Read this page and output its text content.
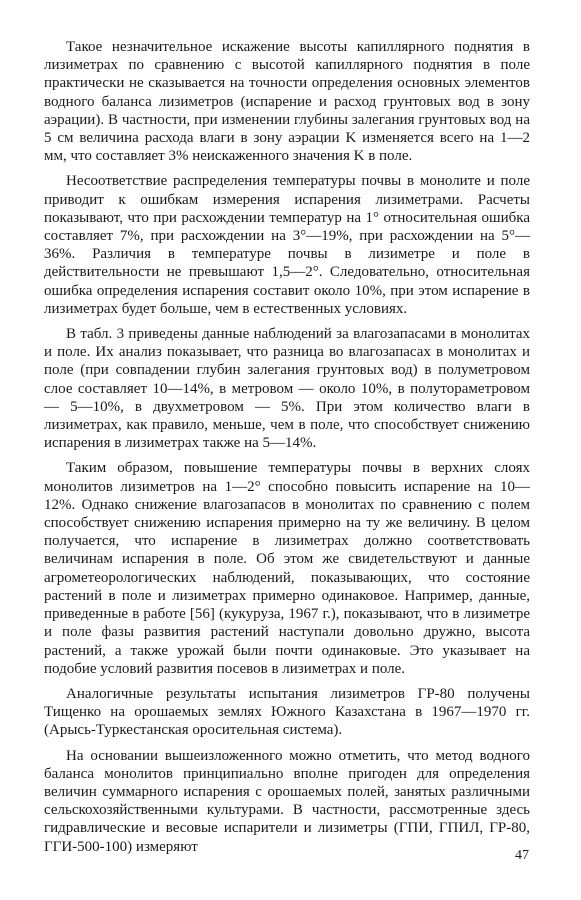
Такое незначительное искажение высоты капиллярного поднятия в лизиметрах по сравнению с высотой капиллярного поднятия в поле практически не сказывается на точности определения основных элементов водного баланса лизиметров (испарение и расход грунтовых вод в зону аэрации). В частности, при изменении глубины залегания грунтовых вод на 5 см величина расхода влаги в зону аэрации K изменяется всего на 1—2 мм, что составляет 3% неискаженного значения K в поле.

Несоответствие распределения температуры почвы в монолите и поле приводит к ошибкам измерения испарения лизиметрами. Расчеты показывают, что при расхождении температур на 1° относительная ошибка составляет 7%, при расхождении на 3°—19%, при расхождении на 5°—36%. Различия в температуре почвы в лизиметре и поле в действительности не превышают 1,5—2°. Следовательно, относительная ошибка определения испарения составит около 10%, при этом испарение в лизиметрах будет больше, чем в естественных условиях.

В табл. 3 приведены данные наблюдений за влагозапасами в монолитах и поле. Их анализ показывает, что разница во влагозапасах в монолитах и поле (при совпадении глубин залегания грунтовых вод) в полуметровом слое составляет 10—14%, в метровом — около 10%, в полутораметровом — 5—10%, в двухметровом — 5%. При этом количество влаги в лизиметрах, как правило, меньше, чем в поле, что способствует снижению испарения в лизиметрах также на 5—14%.

Таким образом, повышение температуры почвы в верхних слоях монолитов лизиметров на 1—2° способно повысить испарение на 10—12%. Однако снижение влагозапасов в монолитах по сравнению с полем способствует снижению испарения примерно на ту же величину. В целом получается, что испарение в лизиметрах должно соответствовать величинам испарения в поле. Об этом же свидетельствуют и данные агрометеорологических наблюдений, показывающих, что состояние растений в поле и лизиметрах примерно одинаковое. Например, данные, приведенные в работе [56] (кукуруза, 1967 г.), показывают, что в лизиметре и поле фазы развития растений наступали довольно дружно, высота растений, а также урожай были почти одинаковые. Это указывает на подобие условий развития посевов в лизиметрах и поле.

Аналогичные результаты испытания лизиметров ГР-80 получены Тищенко на орошаемых землях Южного Казахстана в 1967—1970 гг. (Арысь-Туркестанская оросительная система).

На основании вышеизложенного можно отметить, что метод водного баланса монолитов принципиально вполне пригоден для определения величин суммарного испарения с орошаемых полей, занятых различными сельскохозяйственными культурами. В частности, рассмотренные здесь гидравлические и весовые испарители и лизиметры (ГПИ, ГПИЛ, ГР-80, ГГИ-500-100) измеряют

47
